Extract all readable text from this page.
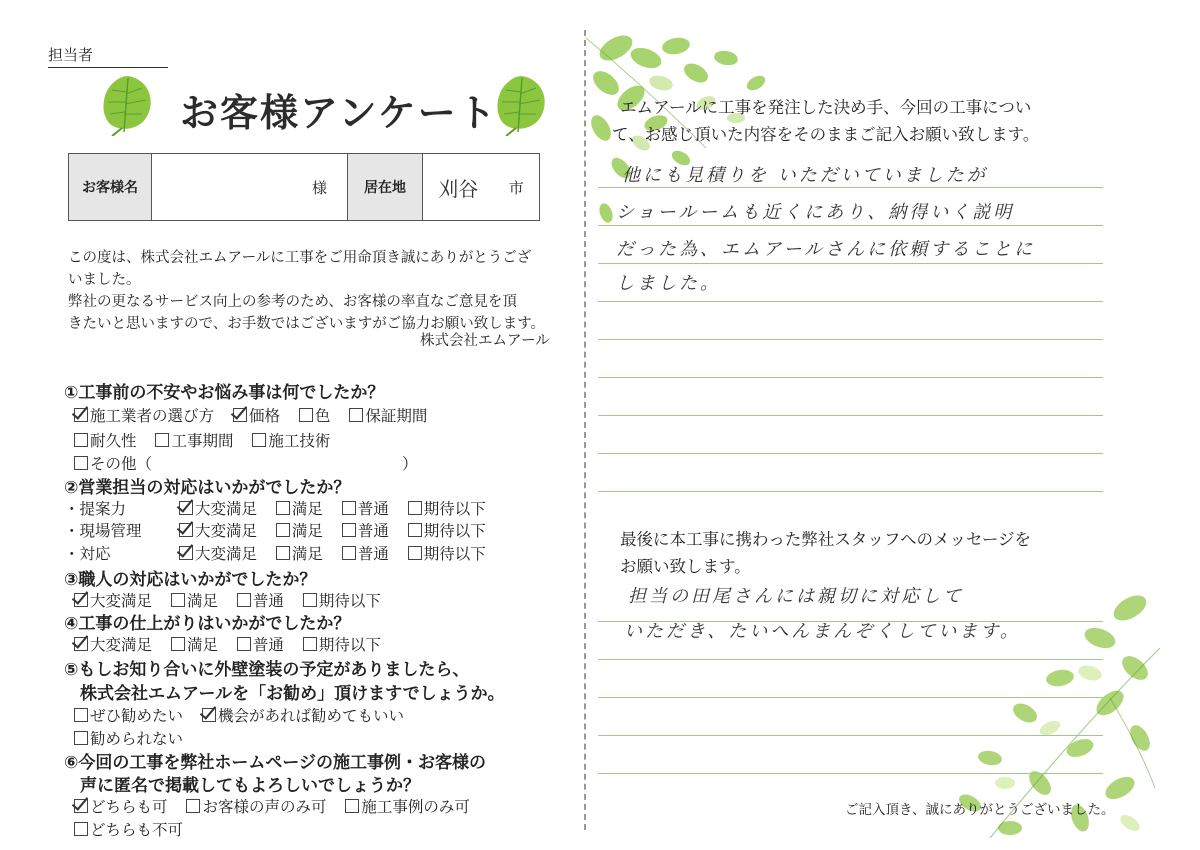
担当者
お客様アンケート
お客様名	様	居在地	刈谷 市

この度は、株式会社エムアールに工事をご用命頂き誠にありがとうござ

いました。

弊社の更なるサービス向上の参考のため、お客様の率直なご意見を頂

きたいと思いますので、お手数ではございますがご協力お願い致します。

株式会社エムアール
①工事前の不安やお悩み事は何でしたか？
施工業者の選び方 価格 色 保証期間
耐久性 工事期間 施工技術
その他（	）
②営業担当の対応はいかがでしたか？
・提案力	大変満足 満足 普通 期待以下
・現場管理	大変満足 満足 普通 期待以下
・対応	大変満足 満足 普通 期待以下
③職人の対応はいかがでしたか？
大変満足 満足 普通 期待以下
④工事の仕上がりはいかがでしたか？
大変満足 満足 普通 期待以下
⑤もしお知り合いに外壁塗装の予定がありましたら、
株式会社エムアールを「お勧め」頂けますでしょうか。
ぜひ勧めたい 機会があれば勧めてもいい
勧められない
⑥今回の工事を弊社ホームページの施工事例・お客様の
声に匿名で掲載してもよろしいでしょうか？
どちらも可 お客様の声のみ可 施工事例のみ可
どちらも不可
エムアールに工事を発注した決め手、今回の工事につい
て、お感じ頂いた内容をそのままご記入お願い致します。
他にも見積りを いただいていましたが
ショールームも近くにあり、納得いく説明
だった為、エムアールさんに依頼することに
しました。
最後に本工事に携わった弊社スタッフへのメッセージを
お願い致します。
担当の田尾さんには親切に対応して
いただき、たいへんまんぞくしています。
ご記入頂き、誠にありがとうございました。
